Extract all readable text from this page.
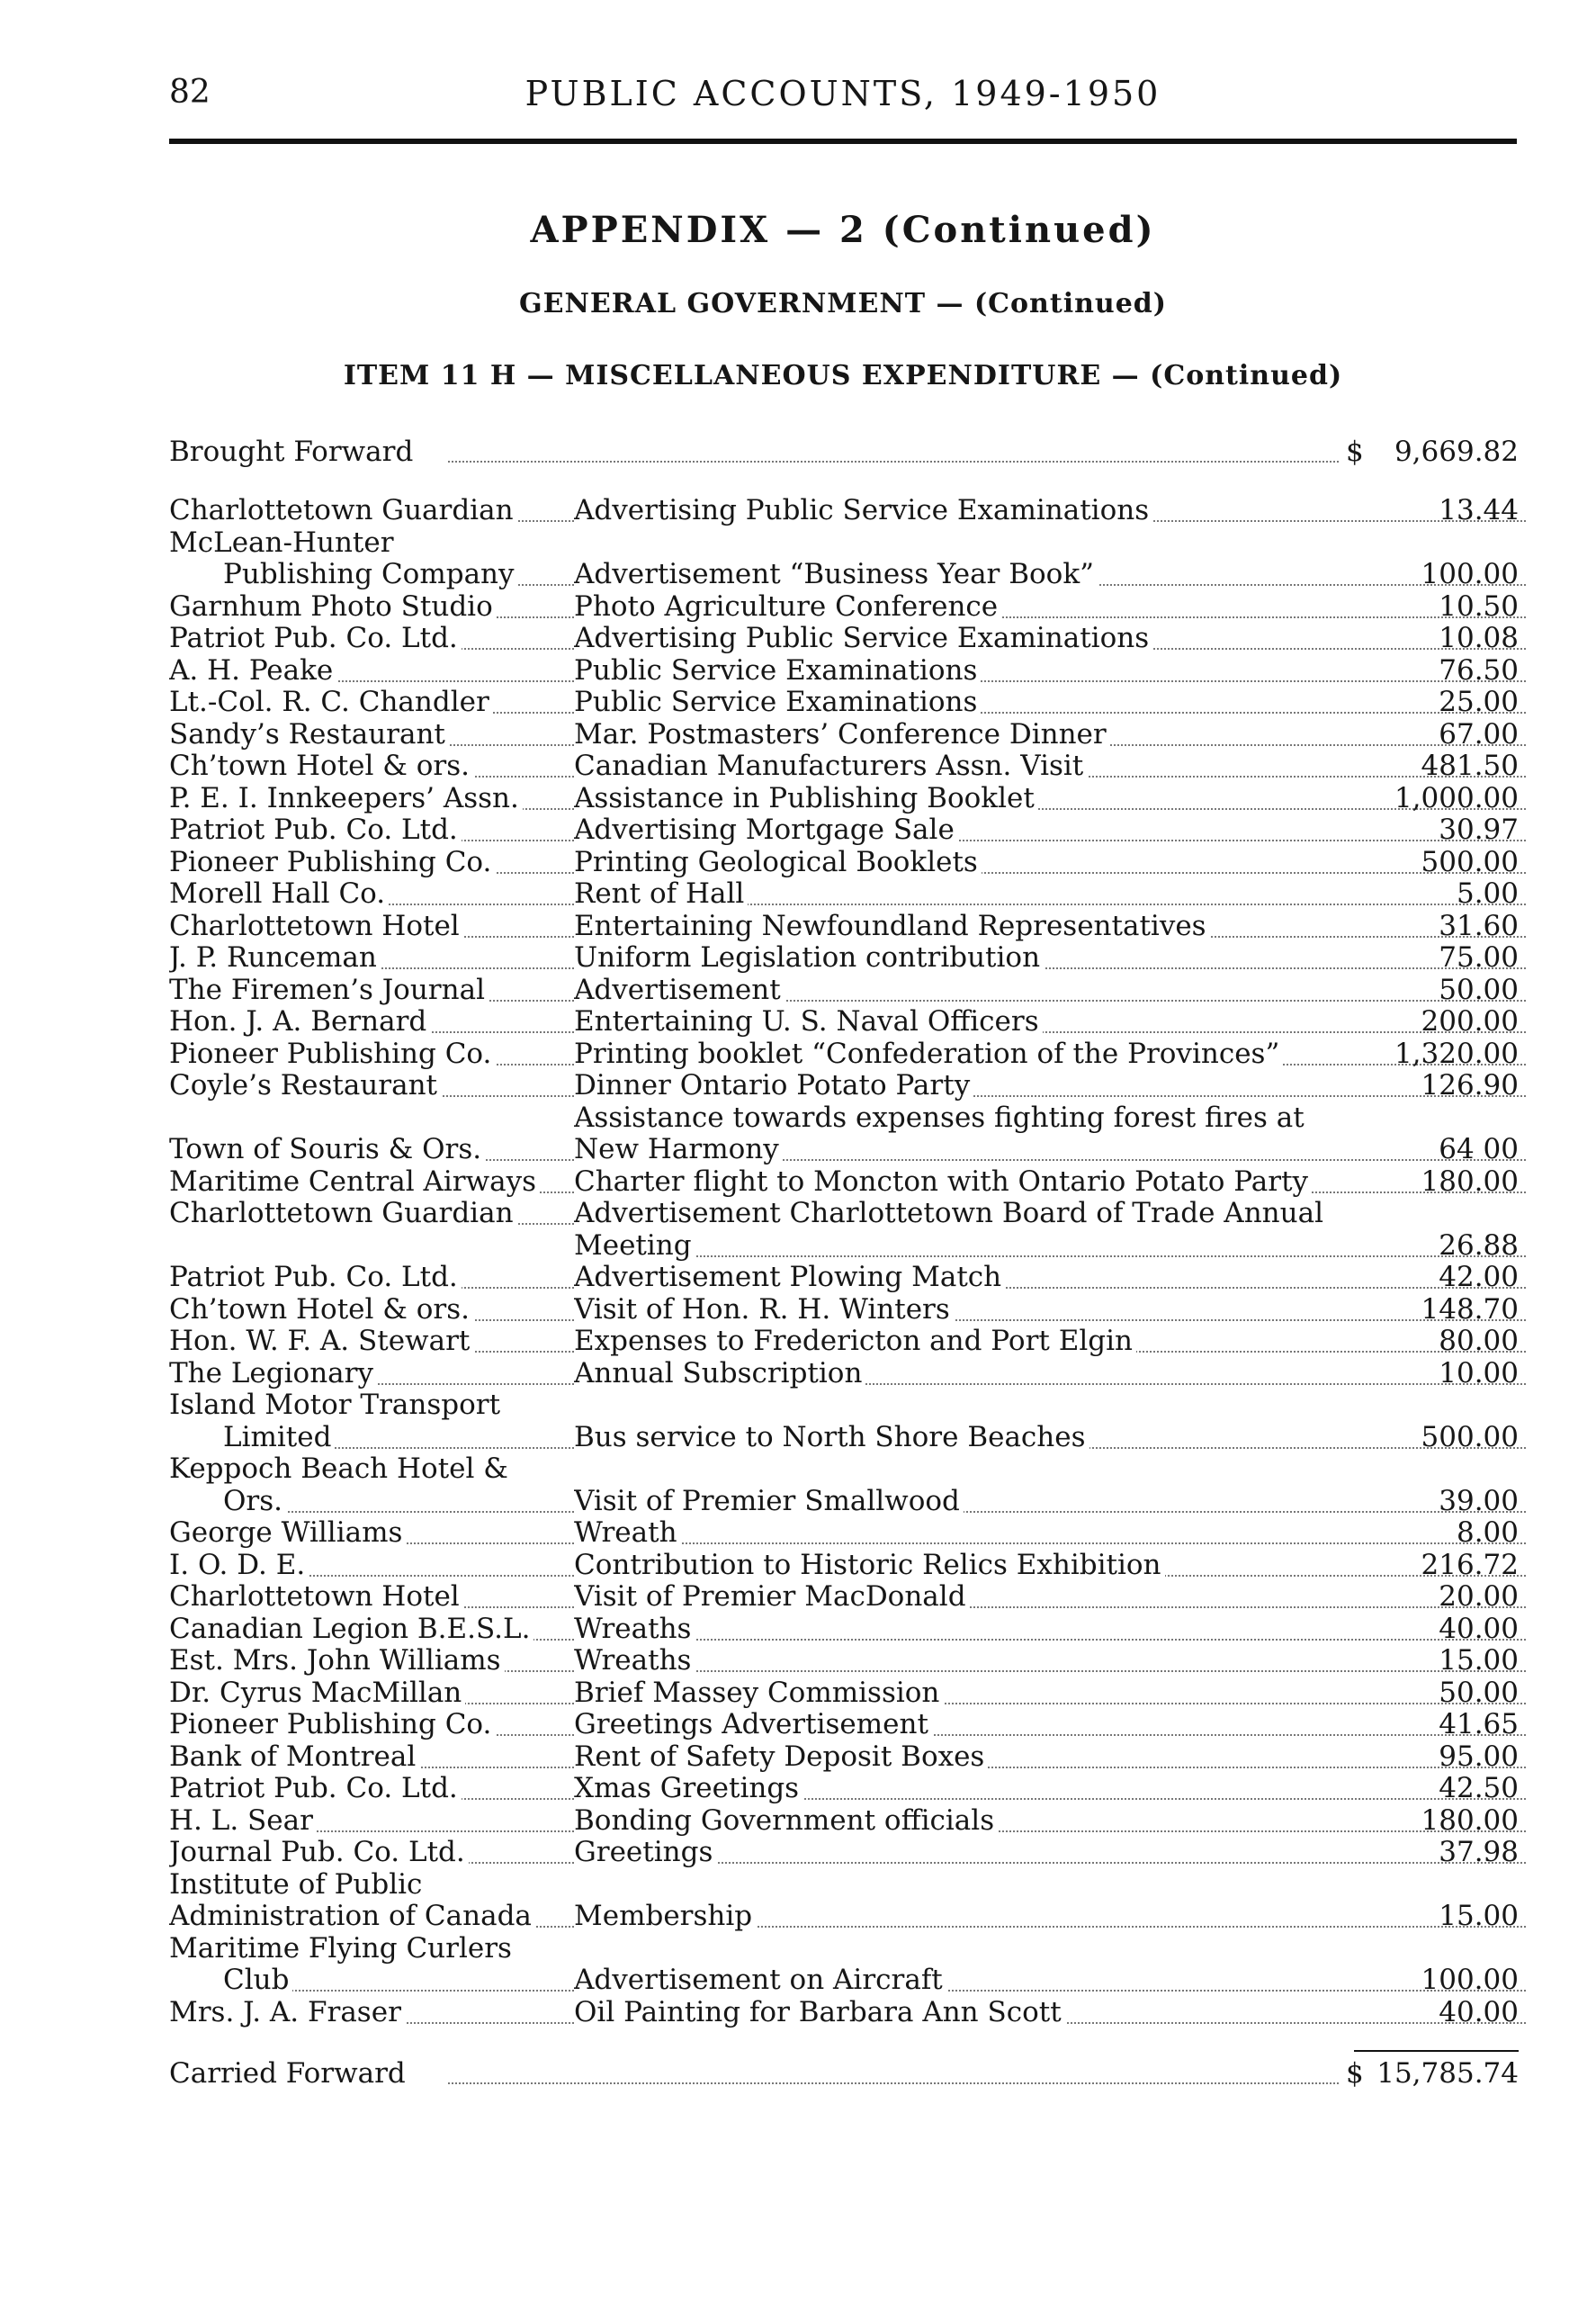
82	PUBLIC ACCOUNTS, 1949-1950
APPENDIX — 2 (Continued)
GENERAL GOVERNMENT — (Continued)
ITEM 11 H — MISCELLANEOUS EXPENDITURE — (Continued)
Brought Forward	$ 9,669.82
Charlottetown Guardian	Advertising Public Service Examinations	13.44
McLean-Hunter
Publishing Company	Advertisement “Business Year Book”	100.00
Garnhum Photo Studio	Photo Agriculture Conference	10.50
Patriot Pub. Co. Ltd.	Advertising Public Service Examinations	10.08
A. H. Peake	Public Service Examinations	76.50
Lt.-Col. R. C. Chandler	Public Service Examinations	25.00
Sandy’s Restaurant	Mar. Postmasters’ Conference Dinner	67.00
Ch’town Hotel & ors.	Canadian Manufacturers Assn. Visit	481.50
P. E. I. Innkeepers’ Assn.	Assistance in Publishing Booklet	1,000.00
Patriot Pub. Co. Ltd.	Advertising Mortgage Sale	30.97
Pioneer Publishing Co.	Printing Geological Booklets	500.00
Morell Hall Co.	Rent of Hall	5.00
Charlottetown Hotel	Entertaining Newfoundland Representatives	31.60
J. P. Runceman	Uniform Legislation contribution	75.00
The Firemen’s Journal	Advertisement	50.00
Hon. J. A. Bernard	Entertaining U. S. Naval Officers	200.00
Pioneer Publishing Co.	Printing booklet “Confederation of the Provinces”	1,320.00
Coyle’s Restaurant	Dinner Ontario Potato Party	126.90
Assistance towards expenses fighting forest fires at
Town of Souris & Ors.	New Harmony	64 00
Maritime Central Airways	Charter flight to Moncton with Ontario Potato Party	180.00
Charlottetown Guardian	Advertisement Charlottetown Board of Trade Annual
Meeting	26.88
Patriot Pub. Co. Ltd.	Advertisement Plowing Match	42.00
Ch’town Hotel & ors.	Visit of Hon. R. H. Winters	148.70
Hon. W. F. A. Stewart	Expenses to Fredericton and Port Elgin	80.00
The Legionary	Annual Subscription	10.00
Island Motor Transport
Limited	Bus service to North Shore Beaches	500.00
Keppoch Beach Hotel &
Ors.	Visit of Premier Smallwood	39.00
George Williams	Wreath	8.00
I. O. D. E.	Contribution to Historic Relics Exhibition	216.72
Charlottetown Hotel	Visit of Premier MacDonald	20.00
Canadian Legion B.E.S.L.	Wreaths	40.00
Est. Mrs. John Williams	Wreaths	15.00
Dr. Cyrus MacMillan	Brief Massey Commission	50.00
Pioneer Publishing Co.	Greetings Advertisement	41.65
Bank of Montreal	Rent of Safety Deposit Boxes	95.00
Patriot Pub. Co. Ltd.	Xmas Greetings	42.50
H. L. Sear	Bonding Government officials	180.00
Journal Pub. Co. Ltd.	Greetings	37.98
Institute of Public
Administration of Canada	Membership	15.00
Maritime Flying Curlers
Club	Advertisement on Aircraft	100.00
Mrs. J. A. Fraser	Oil Painting for Barbara Ann Scott	40.00
Carried Forward	$ 15,785.74
